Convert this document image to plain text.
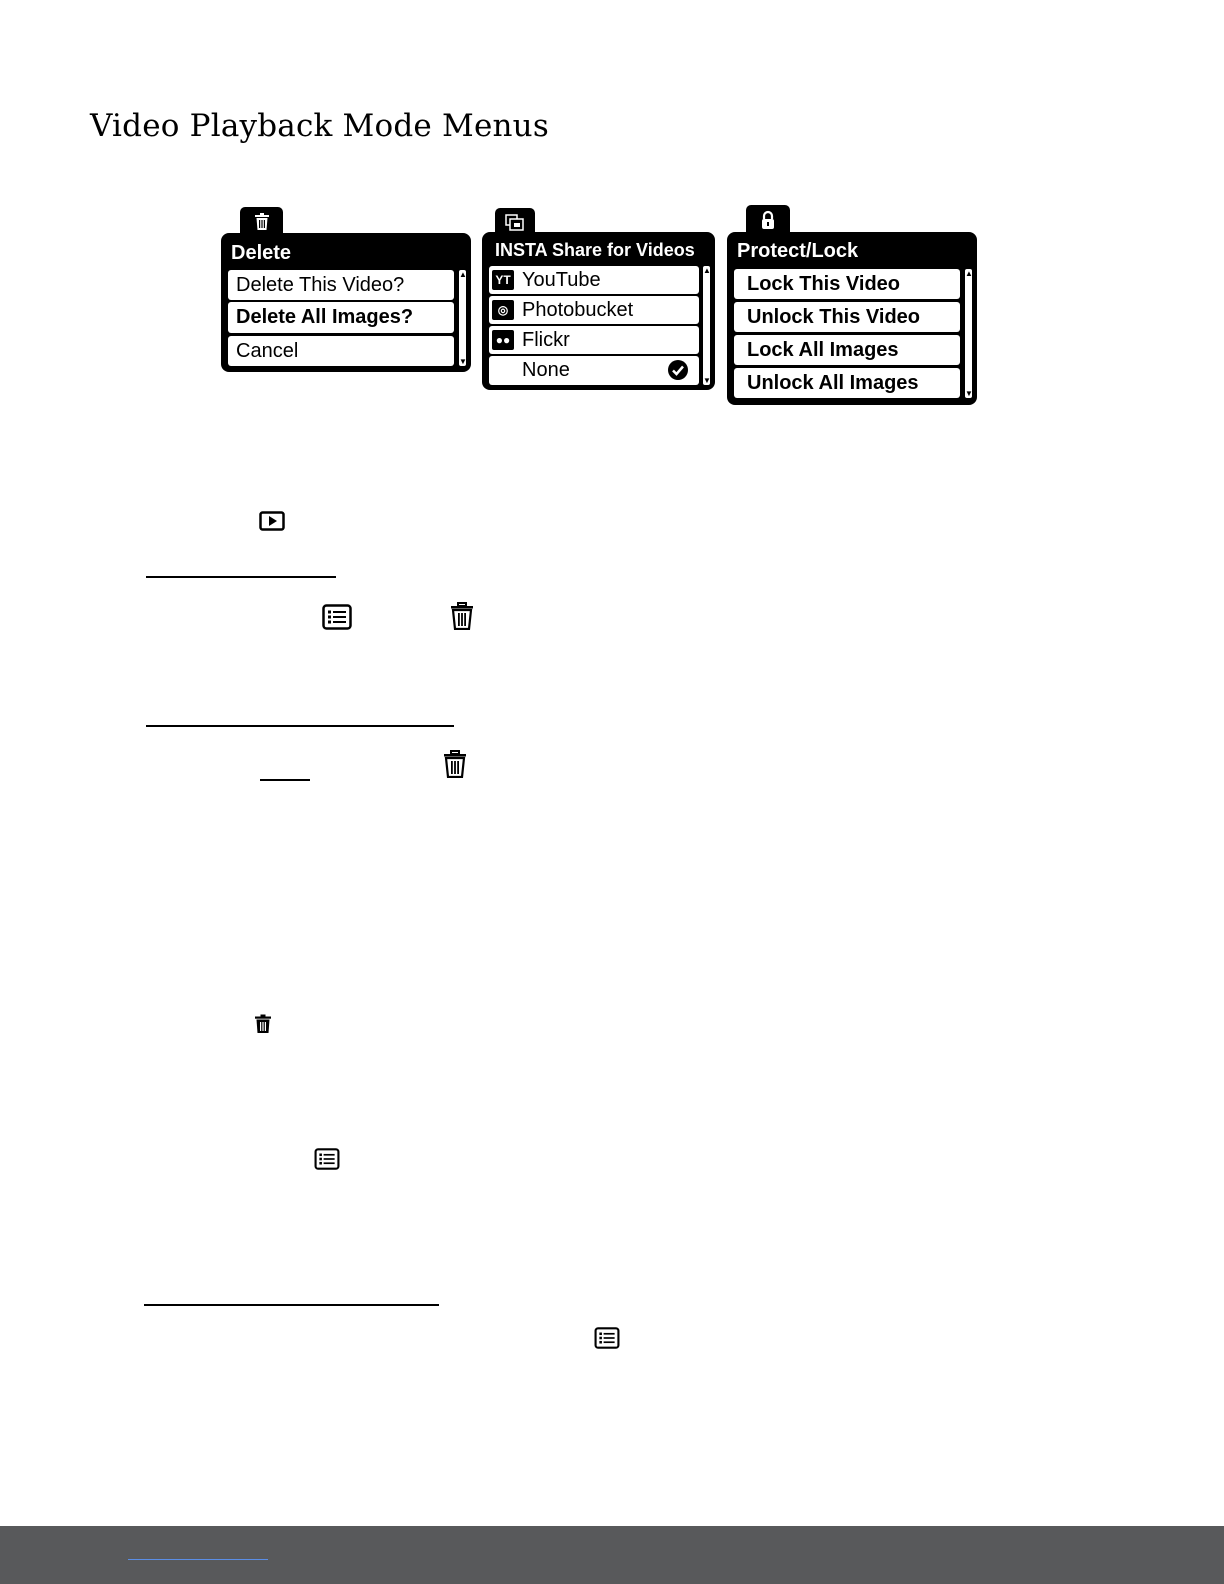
Video Playback Mode Menus
Delete
Delete This Video?
Delete All Images?
Cancel
▲
▼
INSTA Share for Videos
YT YouTube
◎ Photobucket
●● Flickr
None
▲
▼
Protect/Lock
Lock This Video
Unlock This Video
Lock All Images
Unlock All Images
▲
▼
